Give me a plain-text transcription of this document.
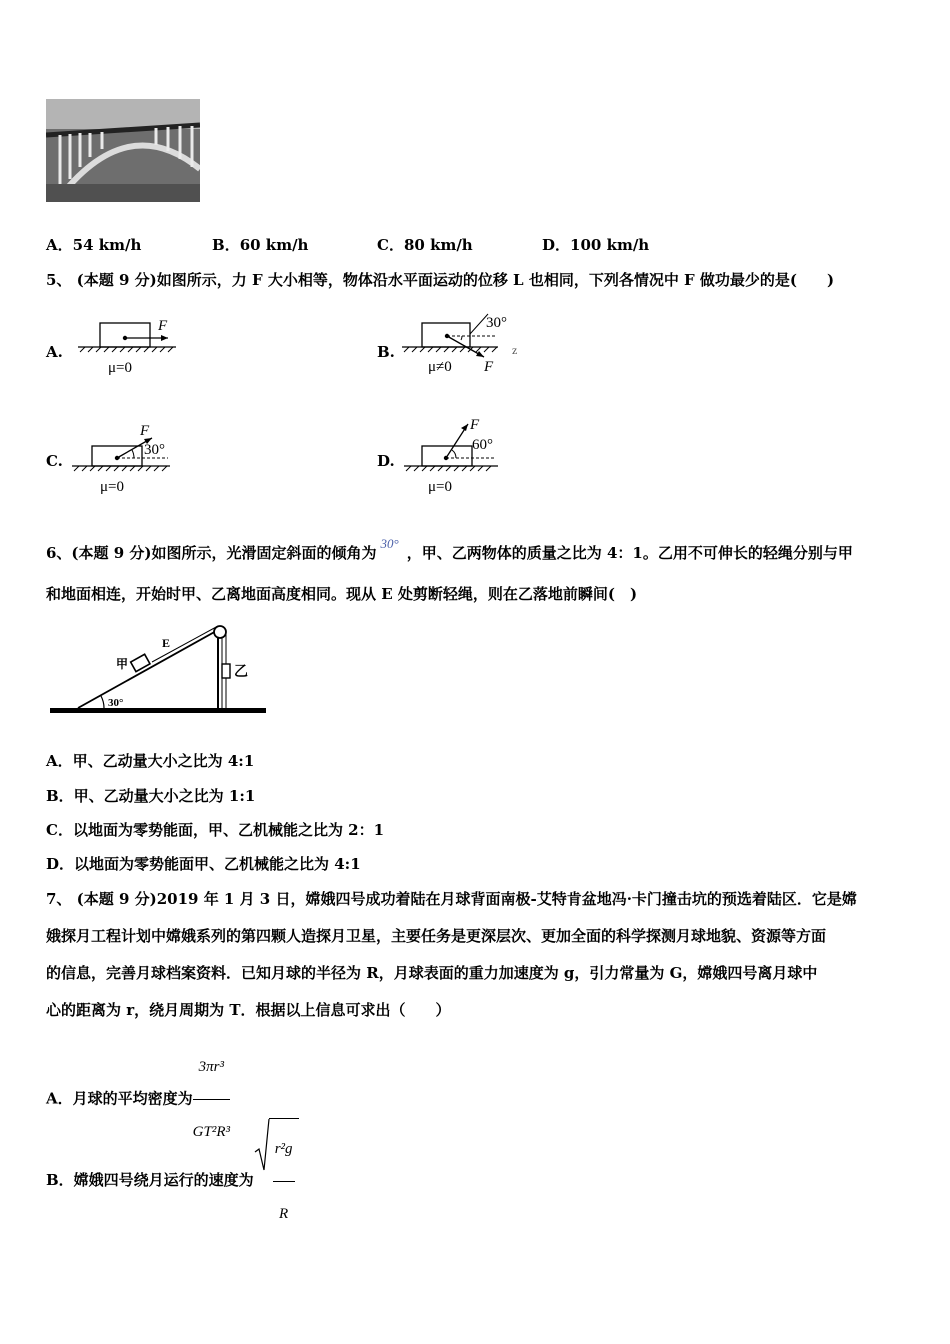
A．54 km/h	B．60 km/h	C．80 km/h	D．100 km/h
5、 (本题 9 分)如图所示，力 F 大小相等，物体沿水平面运动的位移 L 也相同，下列各情况中 F 做功最少的是(　　)
A.
F
μ=0
B.
30°
F
z
μ≠0
C.
F
30°
μ=0
D.
F
60°
μ=0
6、(本题 9 分)如图所示，光滑固定斜面的倾角为30°，甲、乙两物体的质量之比为 4：1。乙用不可伸长的轻绳分别与甲
和地面相连，开始时甲、乙离地面高度相同。现从 E 处剪断轻绳，则在乙落地前瞬间(　)
30°
甲
E
乙
A．甲、乙动量大小之比为 4:1
B．甲、乙动量大小之比为 1:1
C．以地面为零势能面，甲、乙机械能之比为 2：1
D．以地面为零势能面甲、乙机械能之比为 4:1
7、 (本题 9 分)2019 年 1 月 3 日，嫦娥四号成功着陆在月球背面南极-艾特肯盆地冯·卡门撞击坑的预选着陆区．它是嫦
娥探月工程计划中嫦娥系列的第四颗人造探月卫星，主要任务是更深层次、更加全面的科学探测月球地貌、资源等方面
的信息，完善月球档案资料．已知月球的半径为 R，月球表面的重力加速度为 g，引力常量为 G，嫦娥四号离月球中
心的距离为 r，绕月周期为 T．根据以上信息可求出（　　）
A．月球的平均密度为 $\frac{\text{3πr³}}{\text{GT²R³}}$
B．嫦娥四号绕月运行的速度为 $\frac{\text{r²g}}{R}$
